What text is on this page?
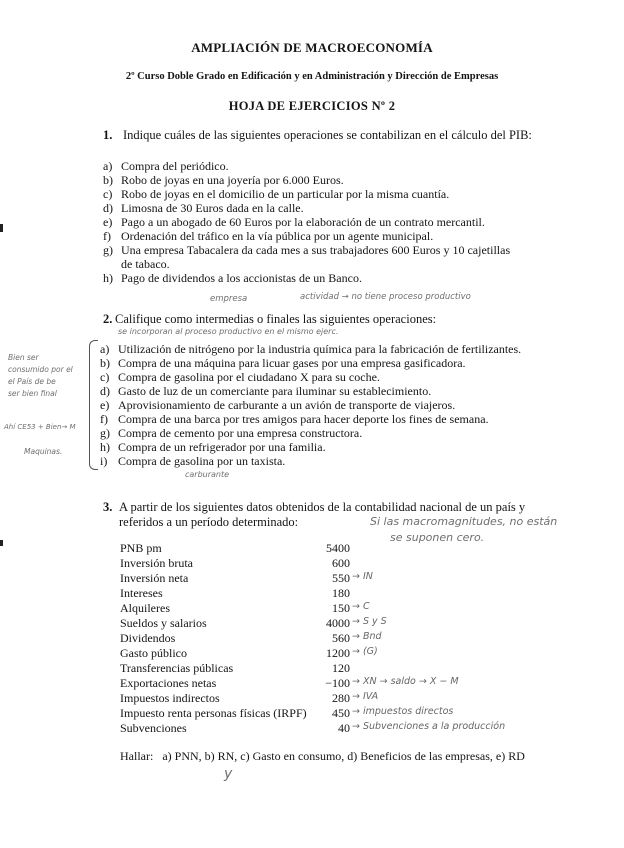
AMPLIACIÓN DE MACROECONOMÍA
2º Curso Doble Grado en Edificación y en Administración y Dirección de Empresas
HOJA DE EJERCICIOS Nº 2
1. Indique cuáles de las siguientes operaciones se contabilizan en el cálculo del PIB:
a) Compra del periódico.
b) Robo de joyas en una joyería por 6.000 Euros.
c) Robo de joyas en el domicilio de un particular por la misma cuantía.
d) Limosna de 30 Euros dada en la calle.
e) Pago a un abogado de 60 Euros por la elaboración de un contrato mercantil.
f) Ordenación del tráfico en la vía pública por un agente municipal.
g) Una empresa Tabacalera da cada mes a sus trabajadores 600 Euros y 10 cajetillas
de tabaco.
h) Pago de dividendos a los accionistas de un Banco.
empresa	actividad → no tiene proceso productivo
2. Califique como intermedias o finales las siguientes operaciones:
se incorporan al proceso productivo en el mismo ejerc.
a) Utilización de nitrógeno por la industria química para la fabricación de fertilizantes.
b) Compra de una máquina para licuar gases por una empresa gasificadora.
c) Compra de gasolina por el ciudadano X para su coche.
d) Gasto de luz de un comerciante para iluminar su establecimiento.
e) Aprovisionamiento de carburante a un avión de transporte de viajeros.
f) Compra de una barca por tres amigos para hacer deporte los fines de semana.
g) Compra de cemento por una empresa constructora.
h) Compra de un refrigerador por una familia.
i) Compra de gasolina por un taxista.
Bien ser
consumido por el
el País de be
ser bien final
Ahí CE53 + Bien→ M
Maquinas.
carburante
3. A partir de los siguientes datos obtenidos de la contabilidad nacional de un país y
referidos a un período determinado:	Si las macromagnitudes, no están
se suponen cero.
PNB pm	5400
Inversión bruta	600
Inversión neta	550 → IN
Intereses	180
Alquileres	150 → C
Sueldos y salarios	4000 → S y S
Dividendos	560 → Bnd
Gasto público	1200 → (G)
Transferencias públicas	120
Exportaciones netas	−100 → XN → saldo → X − M
Impuestos indirectos	280 → IVA
Impuesto renta personas físicas (IRPF) 450 → impuestos directos
Subvenciones	40 → Subvenciones a la producción
Hallar:   a) PNN, b) RN, c) Gasto en consumo, d) Beneficios de las empresas, e) RD
y
